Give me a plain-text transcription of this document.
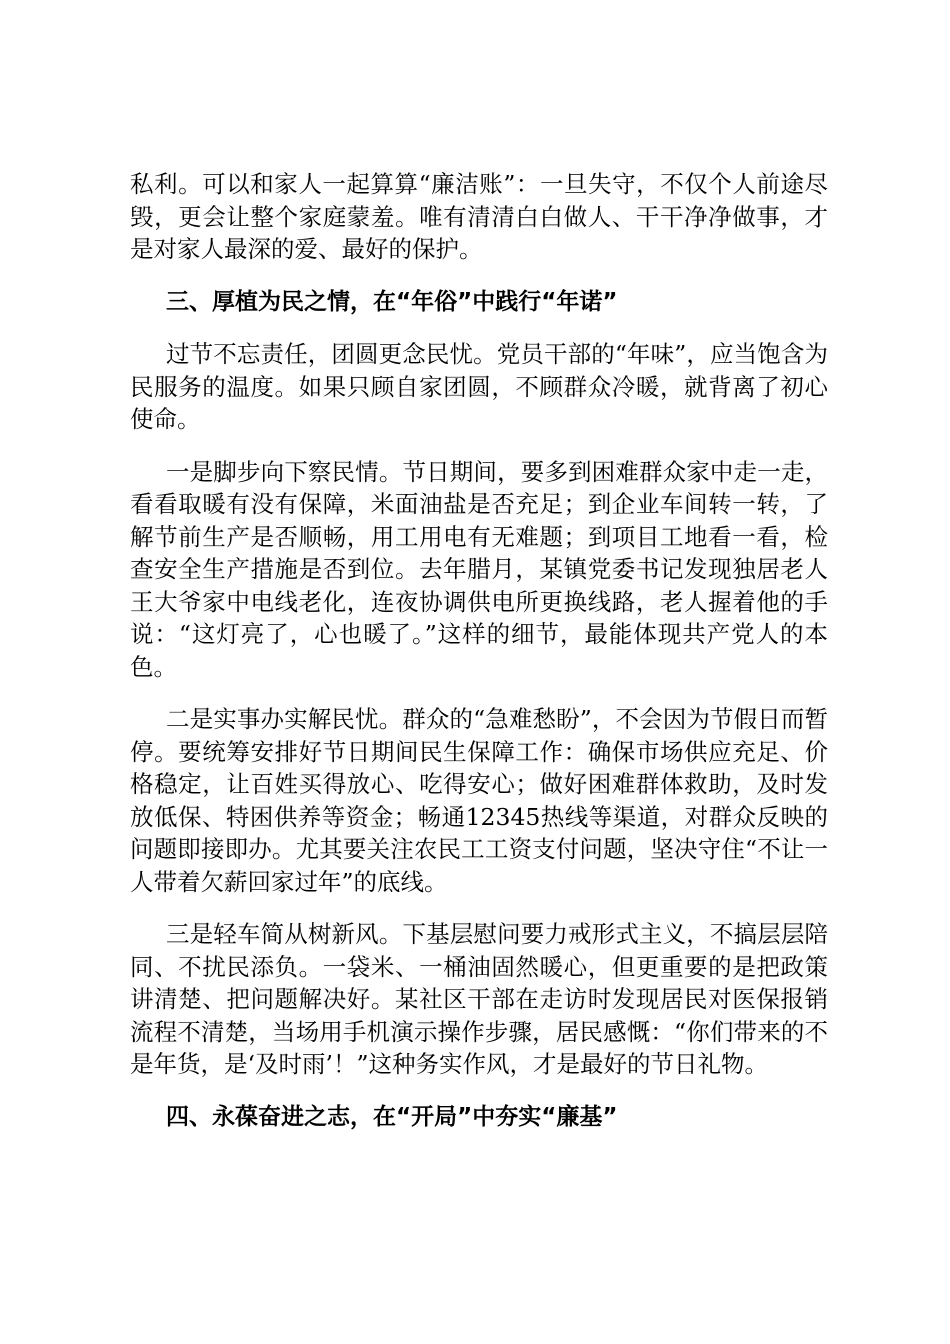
私利。可以和家人一起算算“廉洁账”：一旦失守，不仅个人前途尽毁，更会让整个家庭蒙羞。唯有清清白白做人、干干净净做事，才是对家人最深的爱、最好的保护。

三、厚植为民之情，在“年俗”中践行“年诺”

过节不忘责任，团圆更念民忧。党员干部的“年味”，应当饱含为民服务的温度。如果只顾自家团圆，不顾群众冷暖，就背离了初心使命。

一是脚步向下察民情。节日期间，要多到困难群众家中走一走，看看取暖有没有保障，米面油盐是否充足；到企业车间转一转，了解节前生产是否顺畅，用工用电有无难题；到项目工地看一看，检查安全生产措施是否到位。去年腊月，某镇党委书记发现独居老人王大爷家中电线老化，连夜协调供电所更换线路，老人握着他的手说：“这灯亮了，心也暖了。”这样的细节，最能体现共产党人的本色。

二是实事办实解民忧。群众的“急难愁盼”，不会因为节假日而暂停。要统筹安排好节日期间民生保障工作：确保市场供应充足、价格稳定，让百姓买得放心、吃得安心；做好困难群体救助，及时发放低保、特困供养等资金；畅通12345热线等渠道，对群众反映的问题即接即办。尤其要关注农民工工资支付问题，坚决守住“不让一人带着欠薪回家过年”的底线。

三是轻车简从树新风。下基层慰问要力戒形式主义，不搞层层陪同、不扰民添负。一袋米、一桶油固然暖心，但更重要的是把政策讲清楚、把问题解决好。某社区干部在走访时发现居民对医保报销流程不清楚，当场用手机演示操作步骤，居民感慨：“你们带来的不是年货，是‘及时雨’！”这种务实作风，才是最好的节日礼物。

四、永葆奋进之志，在“开局”中夯实“廉基”
